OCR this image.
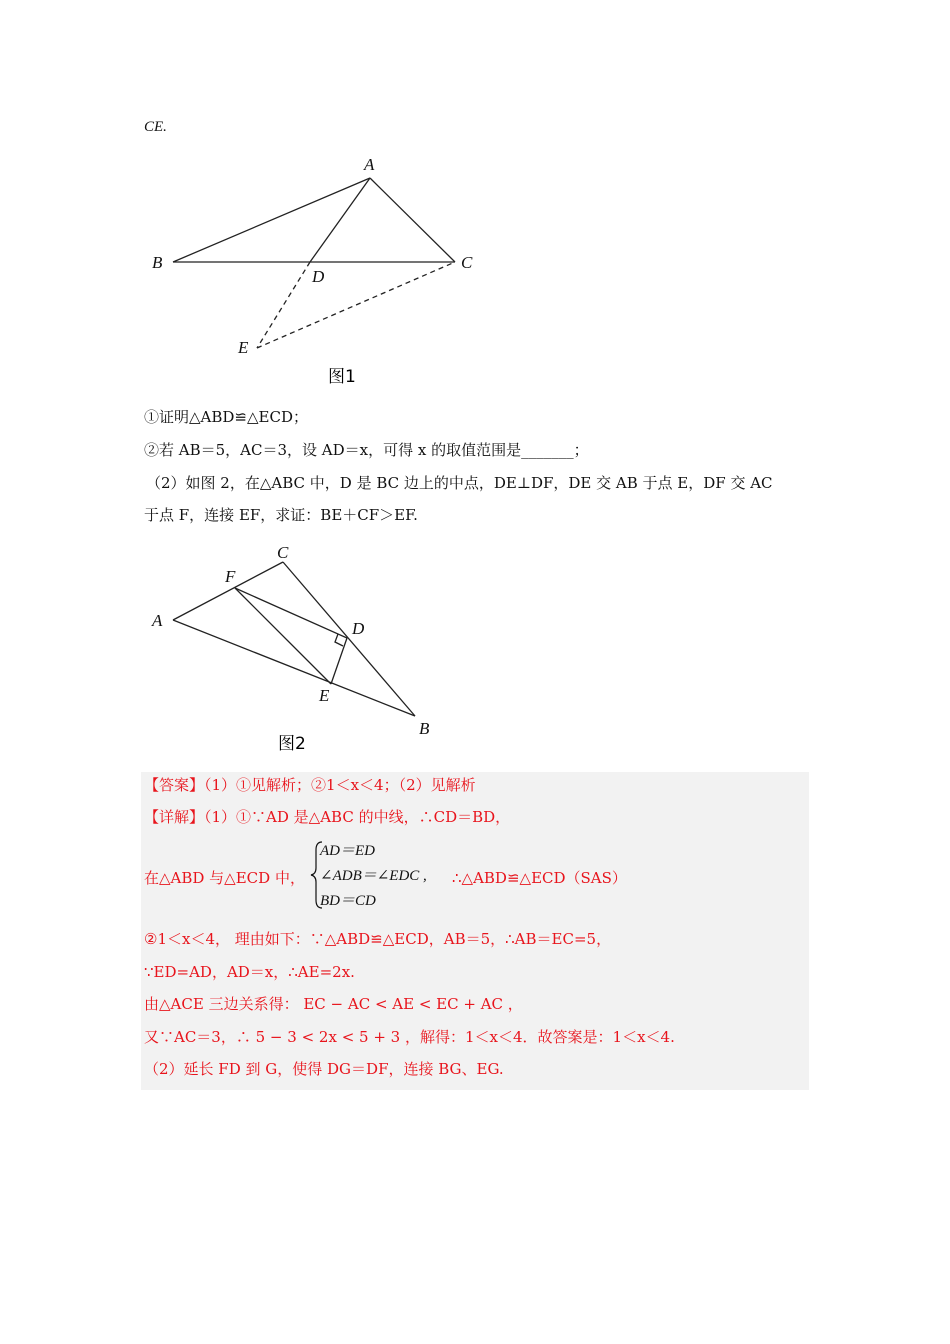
CE.
A
B	C
D
E
图1
①证明△ABD≌△ECD；
②若 AB＝5，AC＝3，设 AD＝x，可得 x 的取值范围是_______；
（2）如图 2，在△ABC 中，D 是 BC 边上的中点，DE⊥DF，DE 交 AB 于点 E，DF 交 AC
于点 F，连接 EF，求证：BE＋CF＞EF.
C
F
A	D
E
B
图2
【答案】（1）①见解析；②1＜x＜4；（2）见解析
【详解】（1）①∵AD 是△ABC 的中线，∴CD＝BD，
在△ABD 与△ECD 中，
AD＝ED
∠ADB＝∠EDC ,
BD＝CD
∴△ABD≌△ECD（SAS）
②1＜x＜4， 理由如下：∵△ABD≌△ECD，AB＝5，∴AB＝EC=5，
∵ED=AD，AD＝x，∴AE=2x.
由△ACE 三边关系得： EC − AC < AE < EC + AC ，
又∵AC＝3，∴ 5 − 3 < 2x < 5 + 3 ，解得：1＜x＜4．故答案是：1＜x＜4.
（2）延长 FD 到 G，使得 DG＝DF，连接 BG、EG.
